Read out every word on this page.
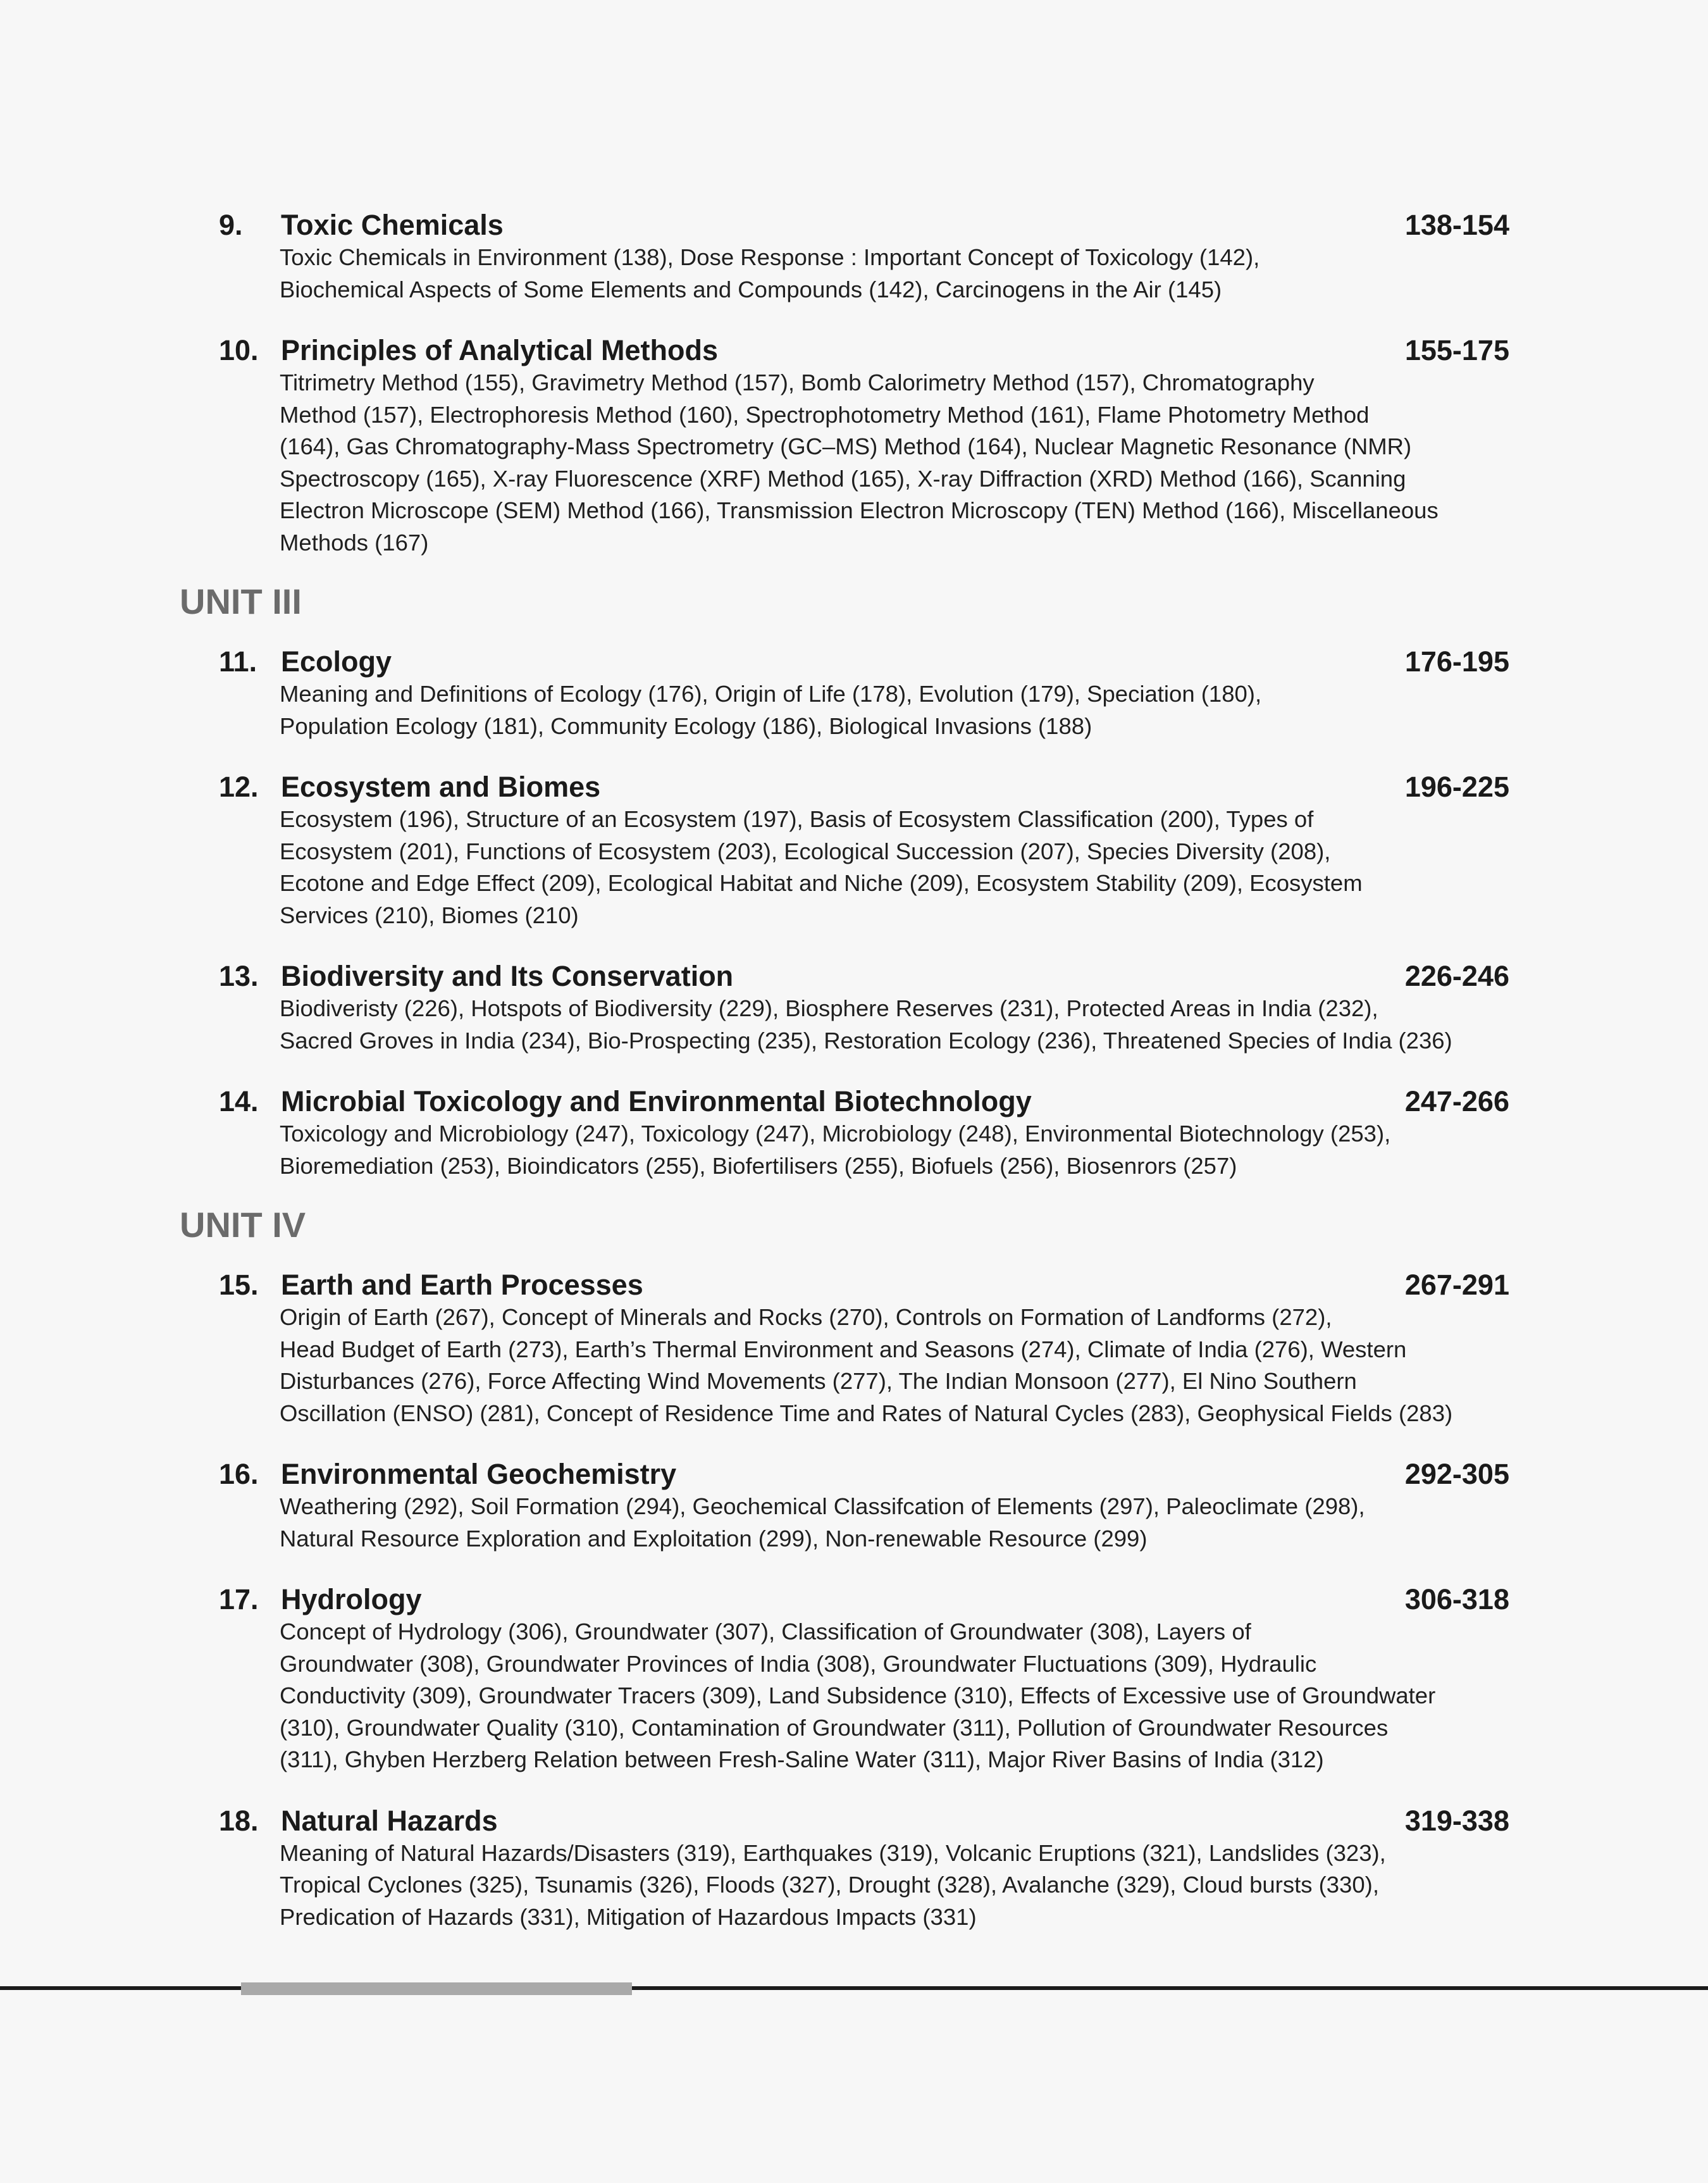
9. Toxic Chemicals	138-154
Toxic Chemicals in Environment (138), Dose Response : Important Concept of Toxicology (142),
Biochemical Aspects of Some Elements and Compounds (142), Carcinogens in the Air (145)
10. Principles of Analytical Methods	155-175
Titrimetry Method (155), Gravimetry Method (157), Bomb Calorimetry Method (157), Chromatography
Method (157), Electrophoresis Method (160), Spectrophotometry Method (161), Flame Photometry Method
(164), Gas Chromatography-Mass Spectrometry (GC–MS) Method (164), Nuclear Magnetic Resonance (NMR)
Spectroscopy (165), X-ray Fluorescence (XRF) Method (165), X-ray Diffraction (XRD) Method (166), Scanning
Electron Microscope (SEM) Method (166), Transmission Electron Microscopy (TEN) Method (166), Miscellaneous
Methods (167)
UNIT III
11. Ecology	176-195
Meaning and Definitions of Ecology (176), Origin of Life (178), Evolution (179), Speciation (180),
Population Ecology (181), Community Ecology (186), Biological Invasions (188)
12. Ecosystem and Biomes	196-225
Ecosystem (196), Structure of an Ecosystem (197), Basis of Ecosystem Classification (200), Types of
Ecosystem (201), Functions of Ecosystem (203), Ecological Succession (207), Species Diversity (208),
Ecotone and Edge Effect (209), Ecological Habitat and Niche (209), Ecosystem Stability (209), Ecosystem
Services (210), Biomes (210)
13. Biodiversity and Its Conservation	226-246
Biodiveristy (226), Hotspots of Biodiversity (229), Biosphere Reserves (231), Protected Areas in India (232),
Sacred Groves in India (234), Bio-Prospecting (235), Restoration Ecology (236), Threatened Species of India (236)
14. Microbial Toxicology and Environmental Biotechnology	247-266
Toxicology and Microbiology (247), Toxicology (247), Microbiology (248), Environmental Biotechnology (253),
Bioremediation (253), Bioindicators (255), Biofertilisers (255), Biofuels (256), Biosenrors (257)
UNIT IV
15. Earth and Earth Processes	267-291
Origin of Earth (267), Concept of Minerals and Rocks (270), Controls on Formation of Landforms (272),
Head Budget of Earth (273), Earth’s Thermal Environment and Seasons (274), Climate of India (276), Western
Disturbances (276), Force Affecting Wind Movements (277), The Indian Monsoon (277), El Nino Southern
Oscillation (ENSO) (281), Concept of Residence Time and Rates of Natural Cycles (283), Geophysical Fields (283)
16. Environmental Geochemistry	292-305
Weathering (292), Soil Formation (294), Geochemical Classifcation of Elements (297), Paleoclimate (298),
Natural Resource Exploration and Exploitation (299), Non-renewable Resource (299)
17. Hydrology	306-318
Concept of Hydrology (306), Groundwater (307), Classification of Groundwater (308), Layers of
Groundwater (308), Groundwater Provinces of India (308), Groundwater Fluctuations (309), Hydraulic
Conductivity (309), Groundwater Tracers (309), Land Subsidence (310), Effects of Excessive use of Groundwater
(310), Groundwater Quality (310), Contamination of Groundwater (311), Pollution of Groundwater Resources
(311), Ghyben Herzberg Relation between Fresh-Saline Water (311), Major River Basins of India (312)
18. Natural Hazards	319-338
Meaning of Natural Hazards/Disasters (319), Earthquakes (319), Volcanic Eruptions (321), Landslides (323),
Tropical Cyclones (325), Tsunamis (326), Floods (327), Drought (328), Avalanche (329), Cloud bursts (330),
Predication of Hazards (331), Mitigation of Hazardous Impacts (331)
